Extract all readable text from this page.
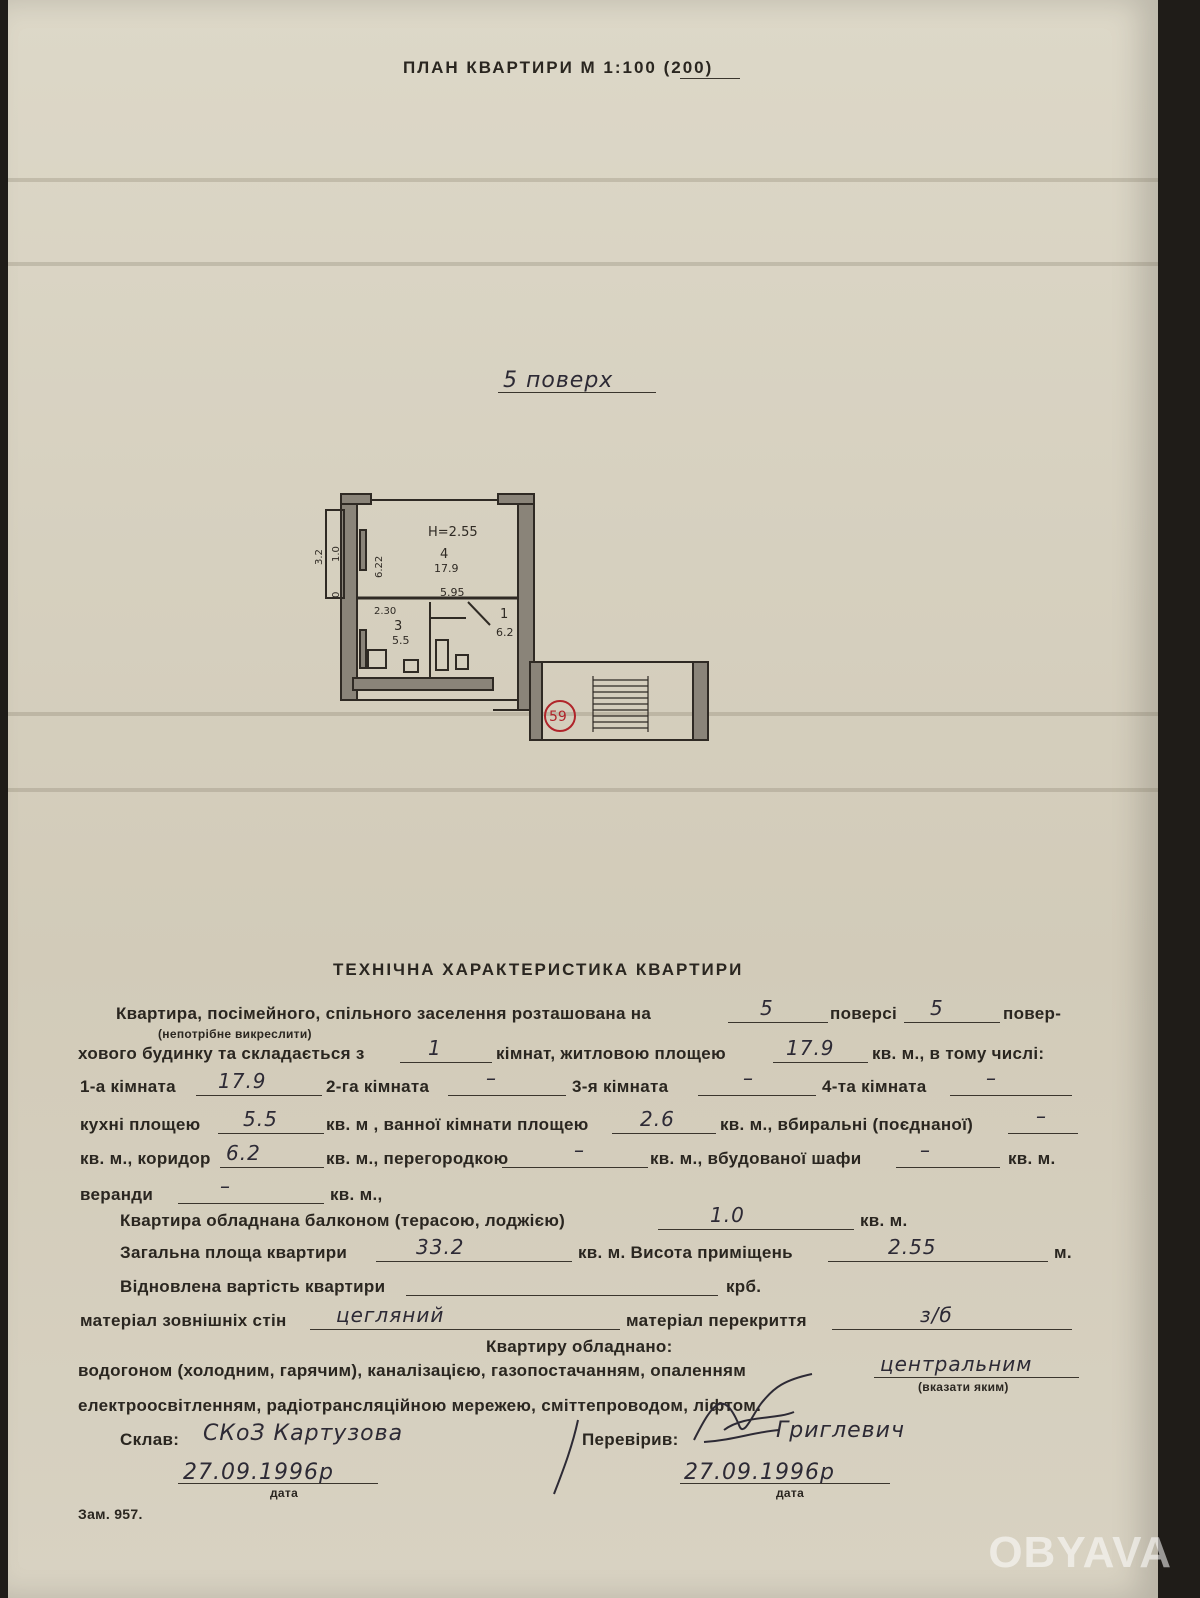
ПЛАН КВАРТИРИ М 1:100 (200)
5 поверх
H=2.55
4
17.9
5.95
2.30
3
5.5
1
6.2
3.2	6.22
1.0
0
59
ТЕХНІЧНА ХАРАКТЕРИСТИКА КВАРТИРИ
Квартира, посімейного, спільного заселення розташована на	5	поверсі 5	повер-
(непотрібне викреслити)
хового будинку та складається з	1	кімнат, житловою площею	17.9 кв. м., в тому числі:
1-а кімната 17.9	2-га кімната	–	3-я кімната	–	4-та кімната	–
кухні площею 5.5	кв. м , ванної кімнати площею	2.6	кв. м., вбиральні (поєднаної)	–
кв. м., коридор 6.2	кв. м., перегородкою	–	кв. м., вбудованої шафи	–	кв. м.
веранди	–	кв. м.,
Квартира обладнана балконом (терасою, лоджією)	1.0	кв. м.
Загальна площа квартири	33.2	кв. м. Висота приміщень	2.55	м.
Відновлена вартість квартири	крб.
матеріал зовнішніх стін цегляний	матеріал перекриття	з/б
Квартиру обладнано:
водогоном (холодним, гарячим), каналізацією, газопостачанням, опаленням	центральним
(вказати яким)
електроосвітленням, радіотрансляційною мережею, сміттепроводом, ліфтом.
Склав: СКоЗ Картузова	Перевірив:	Григлевич
27.09.1996р
дата
27.09.1996р
дата
Зам. 957.
OBYAVA
